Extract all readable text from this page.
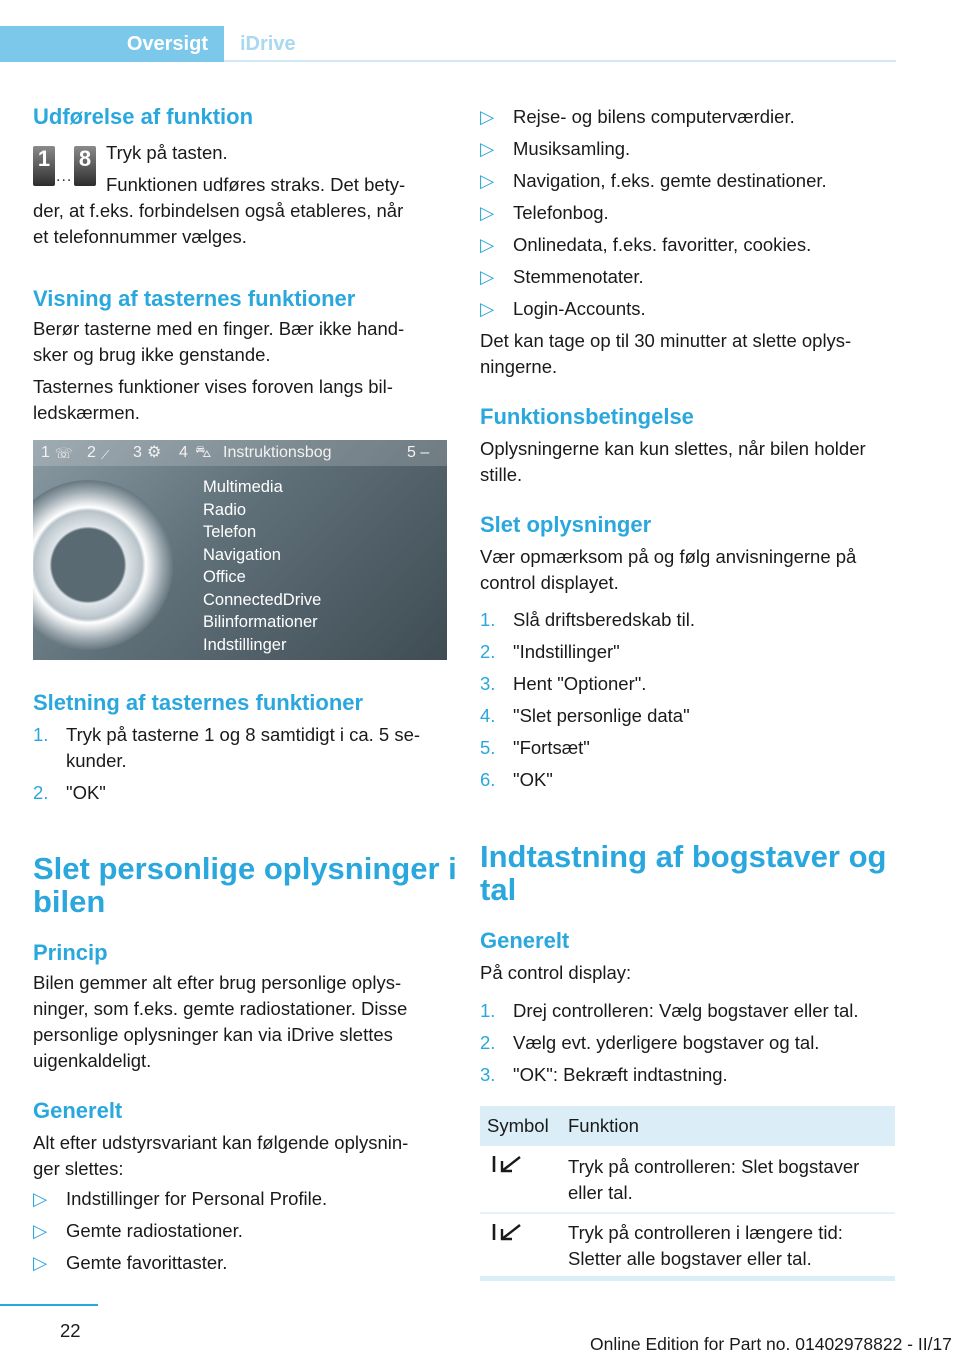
Oversigt iDrive
Udførelse af funktion
1
...
8 Tryk på tasten.
Funktionen udføres straks. Det bety-
der, at f.eks. forbindelsen også etableres, når
et telefonnummer vælges.
Visning af tasternes funktioner
Berør tasterne med en finger. Bær ikke hand-
sker og brug ikke genstande.
Tasternes funktioner vises foroven langs bil-
ledskærmen.
1 ☏ 2 ⟋ 3 ⚙ 4 ⛍ Instruktionsbog	5 –
Multimedia
Radio
Telefon
Navigation
Office
ConnectedDrive
Bilinformationer
Indstillinger
Sletning af tasternes funktioner
1. Tryk på tasterne 1 og 8 samtidigt i ca. 5 se-
kunder.
2. "OK"
Slet personlige oplysninger i
bilen
Princip
Bilen gemmer alt efter brug personlige oplys-
ninger, som f.eks. gemte radiostationer. Disse
personlige oplysninger kan via iDrive slettes
uigenkaldeligt.
Generelt
Alt efter udstyrsvariant kan følgende oplysnin-
ger slettes:
▷ Indstillinger for Personal Profile.
▷ Gemte radiostationer.
▷ Gemte favorittaster.
▷ Rejse- og bilens computerværdier.
▷ Musiksamling.
▷ Navigation, f.eks. gemte destinationer.
▷ Telefonbog.
▷ Onlinedata, f.eks. favoritter, cookies.
▷ Stemmenotater.
▷ Login-Accounts.
Det kan tage op til 30 minutter at slette oplys-
ningerne.
Funktionsbetingelse
Oplysningerne kan kun slettes, når bilen holder
stille.
Slet oplysninger
Vær opmærksom på og følg anvisningerne på
control displayet.
1. Slå driftsberedskab til.
2. "Indstillinger"
3. Hent "Optioner".
4. "Slet personlige data"
5. "Fortsæt"
6. "OK"
Indtastning af bogstaver og
tal
Generelt
På control display:
1. Drej controlleren: Vælg bogstaver eller tal.
2. Vælg evt. yderligere bogstaver og tal.
3. "OK": Bekræft indtastning.
Symbol Funktion
Tryk på controlleren: Slet bogstaver
eller tal.
Tryk på controlleren i længere tid:
Sletter alle bogstaver eller tal.
22
Online Edition for Part no. 01402978822 - II/17
